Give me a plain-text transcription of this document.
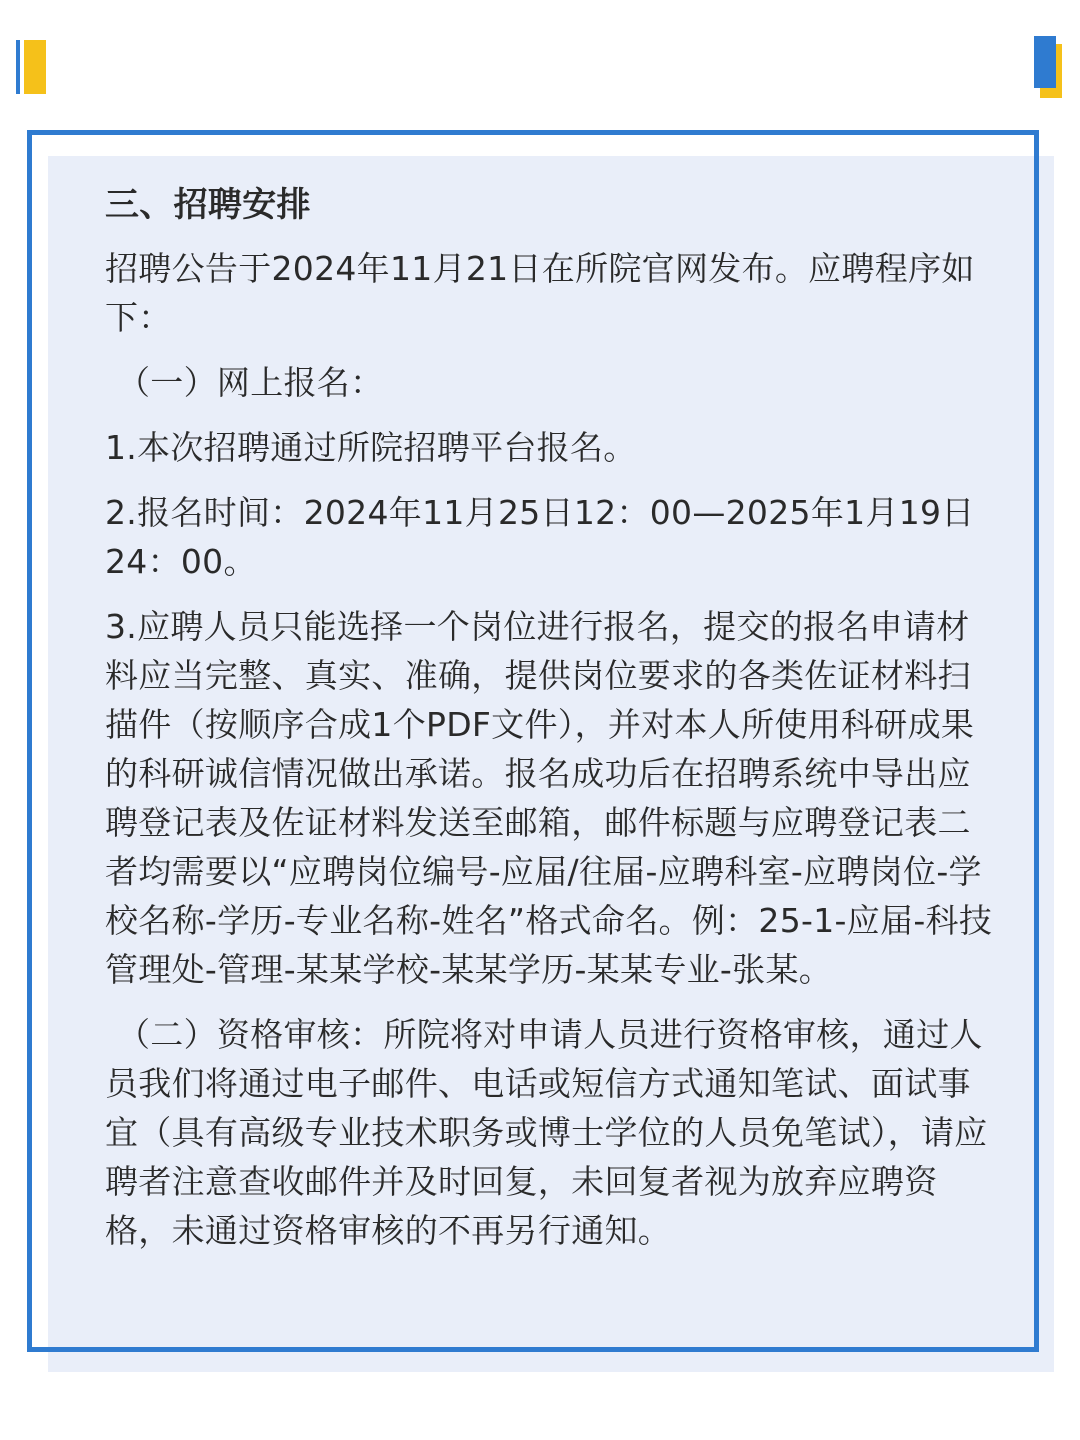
三、招聘安排

招聘公告于2024年11月21日在所院官网发布。应聘程序如下：

（一）网上报名：

1.本次招聘通过所院招聘平台报名。

2.报名时间：2024年11月25日12：00—2025年1月19日24：00。

3.应聘人员只能选择一个岗位进行报名，提交的报名申请材料应当完整、真实、准确，提供岗位要求的各类佐证材料扫描件（按顺序合成1个PDF文件），并对本人所使用科研成果的科研诚信情况做出承诺。报名成功后在招聘系统中导出应聘登记表及佐证材料发送至邮箱，邮件标题与应聘登记表二者均需要以“应聘岗位编号-应届/往届-应聘科室-应聘岗位-学校名称-学历-专业名称-姓名”格式命名。例：25-1-应届-科技管理处-管理-某某学校-某某学历-某某专业-张某。

（二）资格审核：所院将对申请人员进行资格审核，通过人员我们将通过电子邮件、电话或短信方式通知笔试、面试事宜（具有高级专业技术职务或博士学位的人员免笔试），请应聘者注意查收邮件并及时回复，未回复者视为放弃应聘资格，未通过资格审核的不再另行通知。
